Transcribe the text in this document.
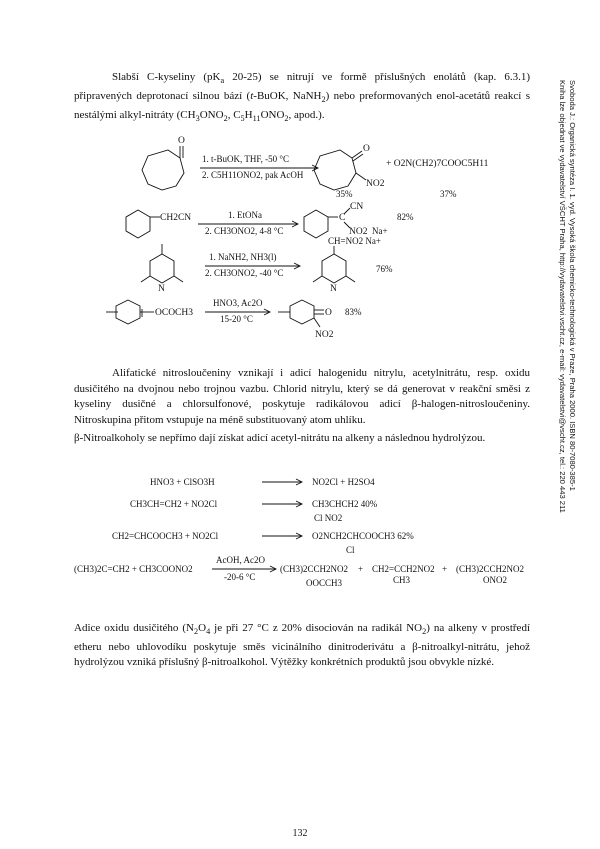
Slabší C-kyseliny ($pK_a$ 20-25) se nitrují ve formě příslušných enolátů (kap. 6.3.1) připravených deprotonací silnou bází (t-BuOK, NaNH$_2$) nebo preformovaných enol-acetátů reakcí s nestálými alkyl-nitráty ($CH_3ONO_2$, $C_5H_{11}ONO_2$, apod.).
Alifatické nitrosloučeniny vznikají i adicí halogenidu nitrylu, acetylnitrátu, resp. oxidu dusičitého na dvojnou nebo trojnou vazbu. Chlorid nitrylu, který se dá generovat v reakční směsi z kyseliny dusičné a chlorsulfonové, poskytuje radikálovou adicí β-halogen-nitrosloučeniny. Nitroskupina přitom vstupuje na méně substituovaný atom uhlíku.
β-Nitroalkoholy se nepřímo dají získat adicí acetyl-nitrátu na alkeny a následnou hydrolýzou.
Adice oxidu dusičitého ($N_2O_4$ je při 27 °C z 20% disociován na radikál $NO_2$) na alkeny v prostředí etheru nebo uhlovodíku poskytuje směs vicinálního dinitroderivátu a β-nitroalkyl-nitrátu, jehož hydrolýzou vzniká příslušný β-nitroalkohol. Výtěžky konkrétních produktů jsou obvykle nízké.
132
Svoboda J.: Organická syntéza I. 1. vyd. Vysoká škola chemicko-technologická v Praze, Praha 2000. ISBN 80-7080-385-1
Kniha lze objednat ve vydavatelství VŠCHT Praha, http://vydavatelstvi.vscht.cz, e-mail: vydavatelstvi@vscht.cz, tel.: 220 443 211
O
1. t-BuOK, THF, -50 °C
2. C5H11ONO2, pak AcOH
O
NO2
+ O2N(CH2)7COOC5H11
35%	37%
CH2CN	1. EtONa
2. CH3ONO2, 4-8 °C
C
CN
NO2 Na+
82%
N
1. NaNH2, NH3(l)
2. CH3ONO2, -40 °C
N
CH=NO2 Na+
76%
OCOCH3
HNO3, Ac2O
15-20 °C
O
NO2
83%
HNO3 + ClSO3H	NO2Cl + H2SO4
CH3CH=CH2 + NO2Cl	CH3CHCH2 40%
Cl NO2
CH2=CHCOOCH3 + NO2Cl	O2NCH2CHCOOCH3 62%
Cl
(CH3)2C=CH2 + CH3COONO2
AcOH, Ac2O
-20-6 °C
(CH3)2CCH2NO2
OOCCH3
+ CH2=CCH2NO2
CH3
+ (CH3)2CCH2NO2
ONO2
